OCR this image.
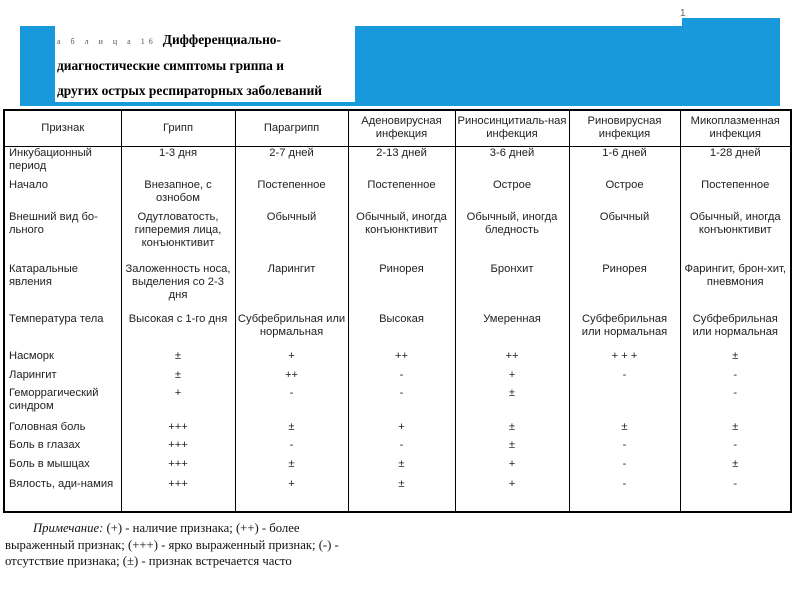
1
а б л и ц а 16 Дифференциально-
диагностические симптомы гриппа и
других острых респираторных заболеваний
Признак	Грипп	Парагрипп	Аденовирусная инфекция	Риносинцитиаль-ная инфекция	Риновирусная инфекция	Микоплазменная инфекция
Инкубационный период	1-3 дня	2-7 дней	2-13 дней	3-6 дней	1-6 дней	1-28 дней
Начало	Внезапное, с ознобом	Постепенное	Постепенное	Острое	Острое	Постепенное
Внешний вид бо-льного	Одутловатость, гиперемия лица, конъюнктивит	Обычный	Обычный, иногда конъюнктивит	Обычный, иногда бледность	Обычный	Обычный, иногда конъюнктивит
Катаральные явления	Заложенность носа, выделения со 2-3 дня	Ларингит	Ринорея	Бронхит	Ринорея	Фарингит, брон-хит, пневмония
Температура тела	Высокая с 1-го дня	Субфебрильная или нормальная	Высокая	Умеренная	Субфебрильная или нормальная	Субфебрильная или нормальная
Насморк	±	+	++	++	+ + +	±
Ларингит	±	++	-	+	-	-
Геморрагический синдром	+	-	-	±		-
Головная боль	+++	±	+	±	±	±
Боль в глазах	+++	-	-	±	-	-
Боль в мышцах	+++	±	±	+	-	±
Вялость, ади-намия	+++	+	±	+	-	-
Примечание: (+) - наличие признака; (++) - более выраженный признак; (+++) - ярко выраженный признак; (-) - отсутствие признака; (±) - признак встречается часто
